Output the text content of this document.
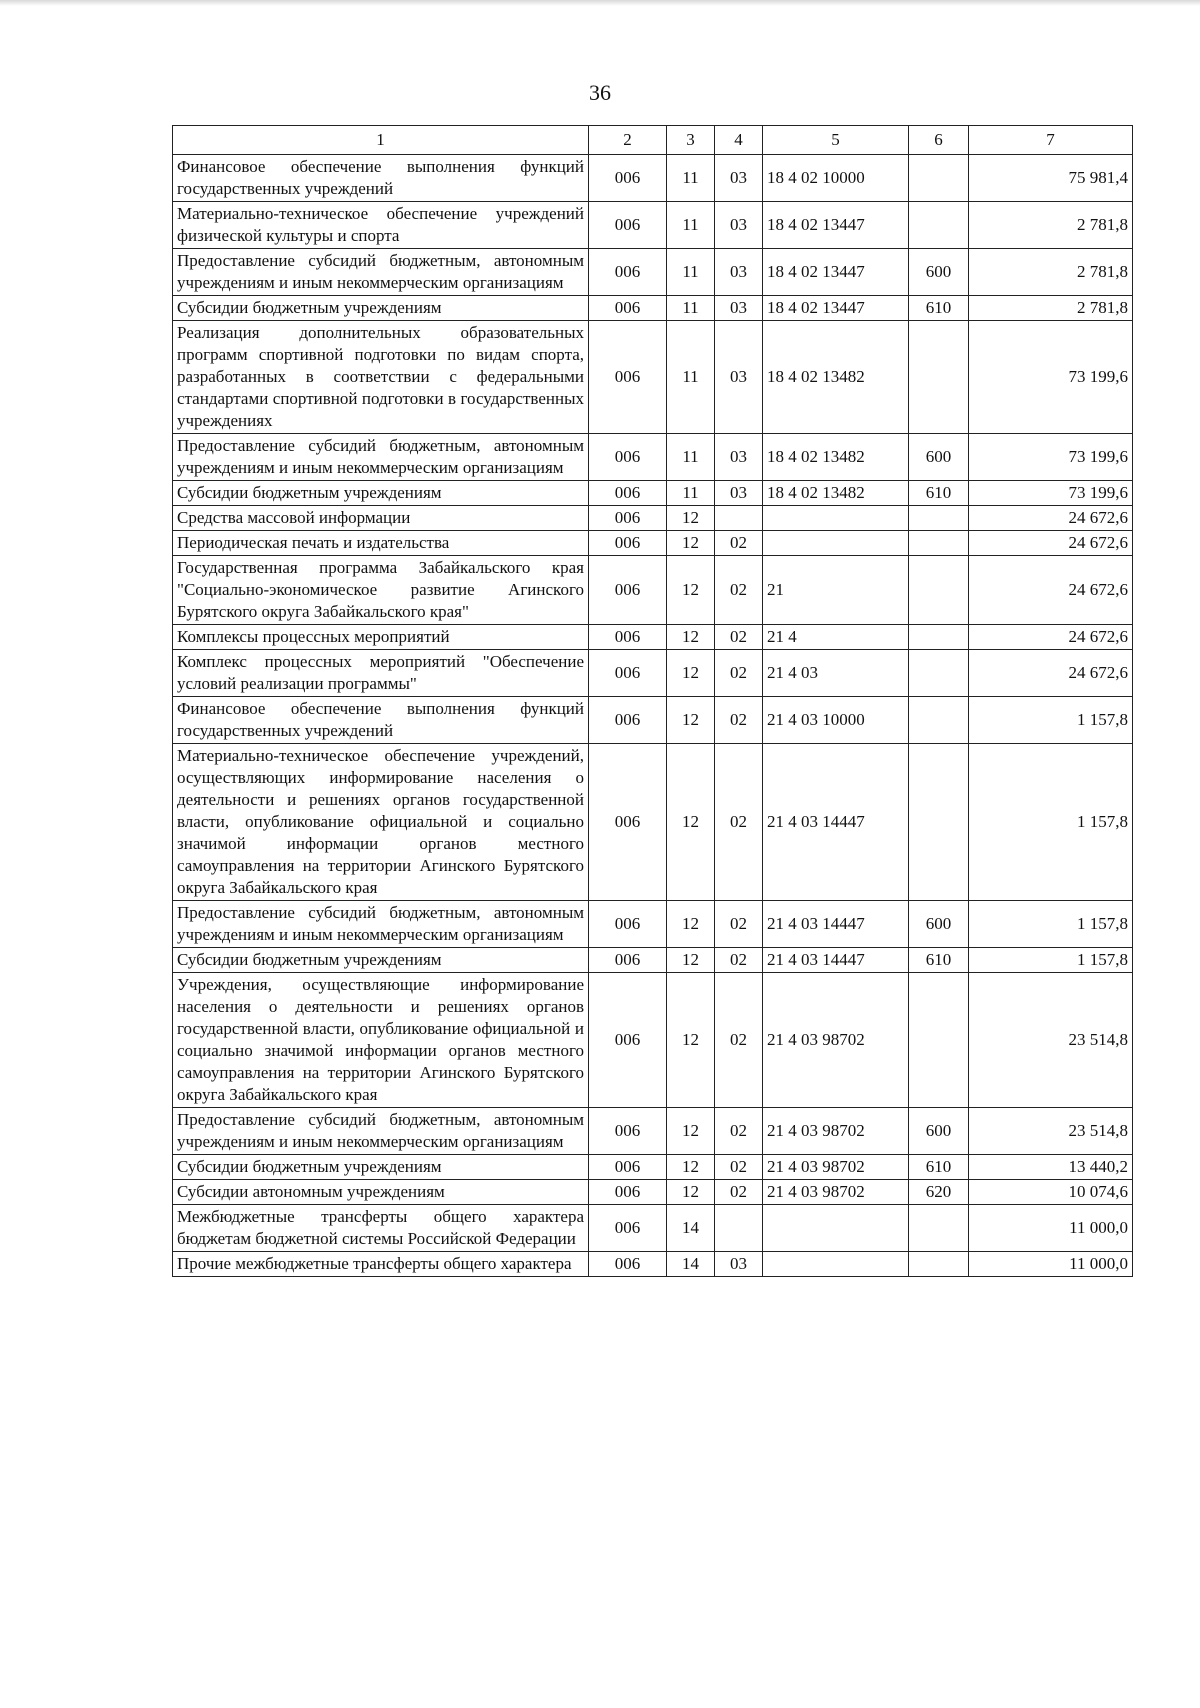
36
1	2	3	4	5	6	7
Финансовое обеспечение выполнения функций государственных учреждений	006	11	03	18 4 02 10000		75 981,4
Материально-техническое обеспечение учреждений физической культуры и спорта	006	11	03	18 4 02 13447		2 781,8
Предоставление субсидий бюджетным, автономным учреждениям и иным некоммерческим организациям	006	11	03	18 4 02 13447	600	2 781,8
Субсидии бюджетным учреждениям	006	11	03	18 4 02 13447	610	2 781,8
Реализация дополнительных образовательных программ спортивной подготовки по видам спорта, разработанных в соответствии с федеральными стандартами спортивной подготовки в государственных учреждениях	006	11	03	18 4 02 13482		73 199,6
Предоставление субсидий бюджетным, автономным учреждениям и иным некоммерческим организациям	006	11	03	18 4 02 13482	600	73 199,6
Субсидии бюджетным учреждениям	006	11	03	18 4 02 13482	610	73 199,6
Средства массовой информации	006	12				24 672,6
Периодическая печать и издательства	006	12	02			24 672,6
Государственная программа Забайкальского края "Социально-экономическое развитие Агинского Бурятского округа Забайкальского края"	006	12	02	21		24 672,6
Комплексы процессных мероприятий	006	12	02	21 4		24 672,6
Комплекс процессных мероприятий "Обеспечение условий реализации программы"	006	12	02	21 4 03		24 672,6
Финансовое обеспечение выполнения функций государственных учреждений	006	12	02	21 4 03 10000		1 157,8
Материально-техническое обеспечение учреждений, осуществляющих информирование населения о деятельности и решениях органов государственной власти, опубликование официальной и социально значимой информации органов местного самоуправления на территории Агинского Бурятского округа Забайкальского края	006	12	02	21 4 03 14447		1 157,8
Предоставление субсидий бюджетным, автономным учреждениям и иным некоммерческим организациям	006	12	02	21 4 03 14447	600	1 157,8
Субсидии бюджетным учреждениям	006	12	02	21 4 03 14447	610	1 157,8
Учреждения, осуществляющие информирование населения о деятельности и решениях органов государственной власти, опубликование официальной и социально значимой информации органов местного самоуправления на территории Агинского Бурятского округа Забайкальского края	006	12	02	21 4 03 98702		23 514,8
Предоставление субсидий бюджетным, автономным учреждениям и иным некоммерческим организациям	006	12	02	21 4 03 98702	600	23 514,8
Субсидии бюджетным учреждениям	006	12	02	21 4 03 98702	610	13 440,2
Субсидии автономным учреждениям	006	12	02	21 4 03 98702	620	10 074,6
Межбюджетные трансферты общего характера бюджетам бюджетной системы Российской Федерации	006	14				11 000,0
Прочие межбюджетные трансферты общего характера	006	14	03			11 000,0
